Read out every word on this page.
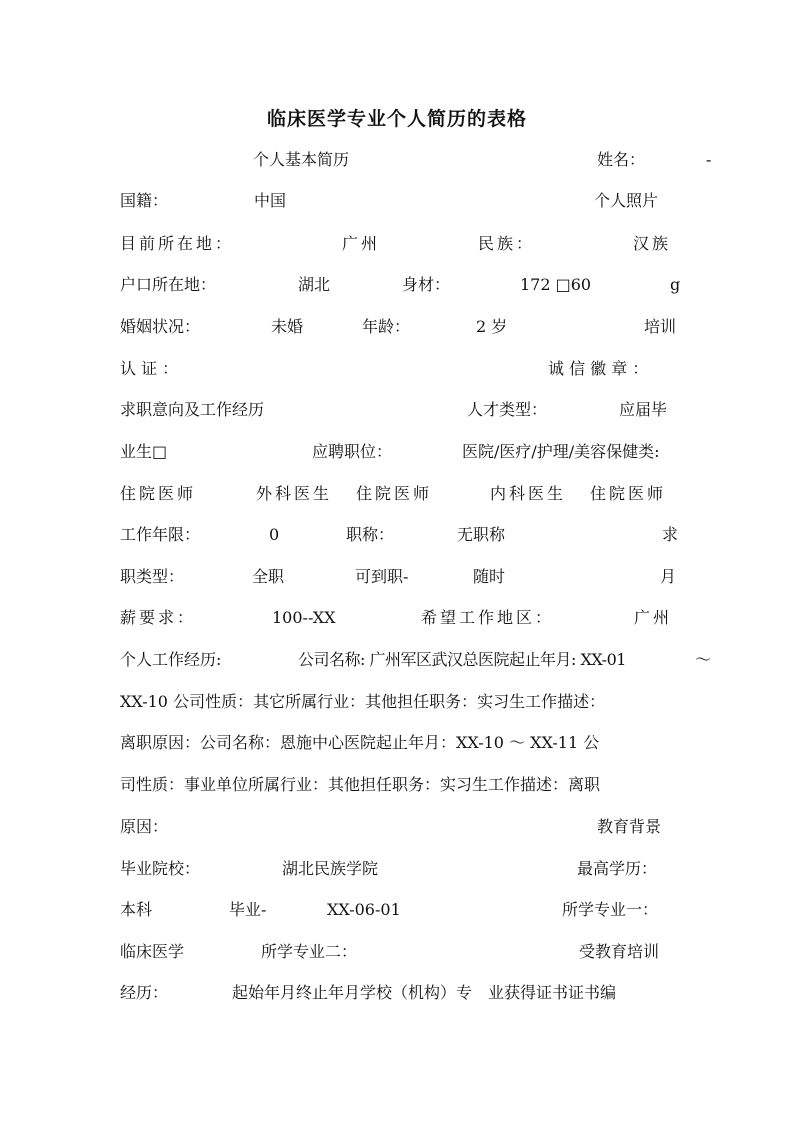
临床医学专业个人简历的表格
个人基本简历	姓名：	-
国籍：	中国	个人照片
目前所在地：	广州	民族：	汉族
户口所在地：	湖北	身材：	172 □60	g
婚姻状况：	未婚	年龄：	2 岁	培训
认 证 ：	诚 信 徽 章 ：
求职意向及工作经历	人才类型：	应届毕
业生□	应聘职位：	医院/医疗/护理/美容保健类:
住院医师	外科医生 住院医师	内科医生 住院医师
工作年限：	0	职称：	无职称	求
职类型：	全职	可到职-	随时	月
薪要求：	100--XX	希望工作地区：	广州
个人工作经历:	公司名称: 广州军区武汉总医院起止年月: XX-01	～
XX-10 公司性质：其它所属行业：其他担任职务：实习生工作描述：
离职原因：公司名称：恩施中心医院起止年月：XX-10 ～ XX-11 公
司性质：事业单位所属行业：其他担任职务：实习生工作描述：离职
原因：	教育背景
毕业院校：	湖北民族学院	最高学历：
本科	毕业-	XX-06-01	所学专业一：
临床医学	所学专业二：	受教育培训
经历：	起始年月终止年月学校（机构）专　业获得证书证书编
